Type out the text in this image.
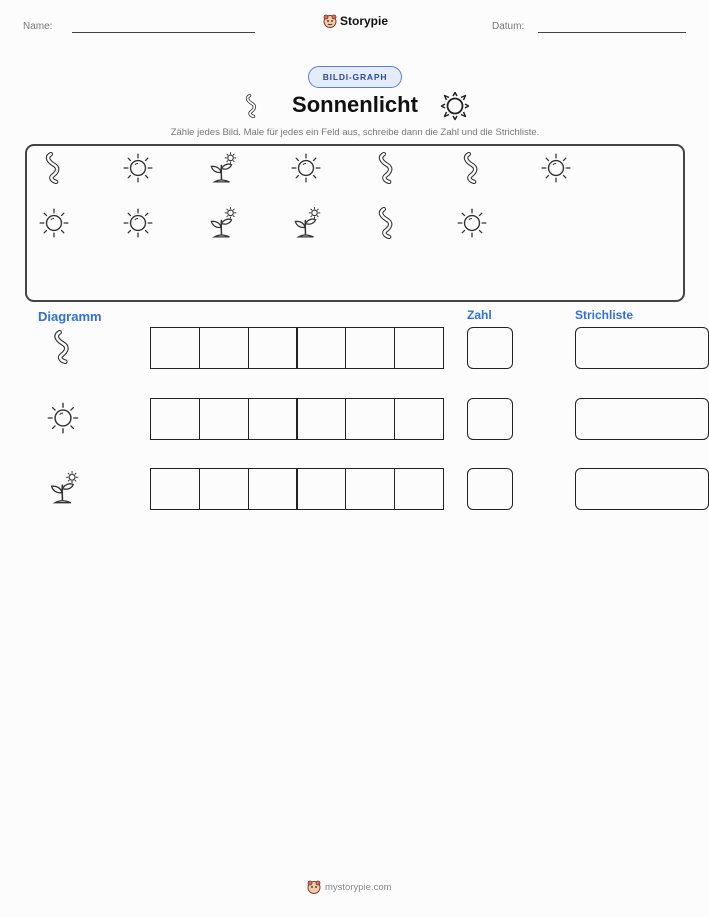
Name:	Storypie	Datum:
BILDI-GRAPH
Sonnenlicht
Zähle jedes Bild. Male für jedes ein Feld aus, schreibe dann die Zahl und die Strichliste.
Diagramm	Zahl	Strichliste
mystorypie.com
